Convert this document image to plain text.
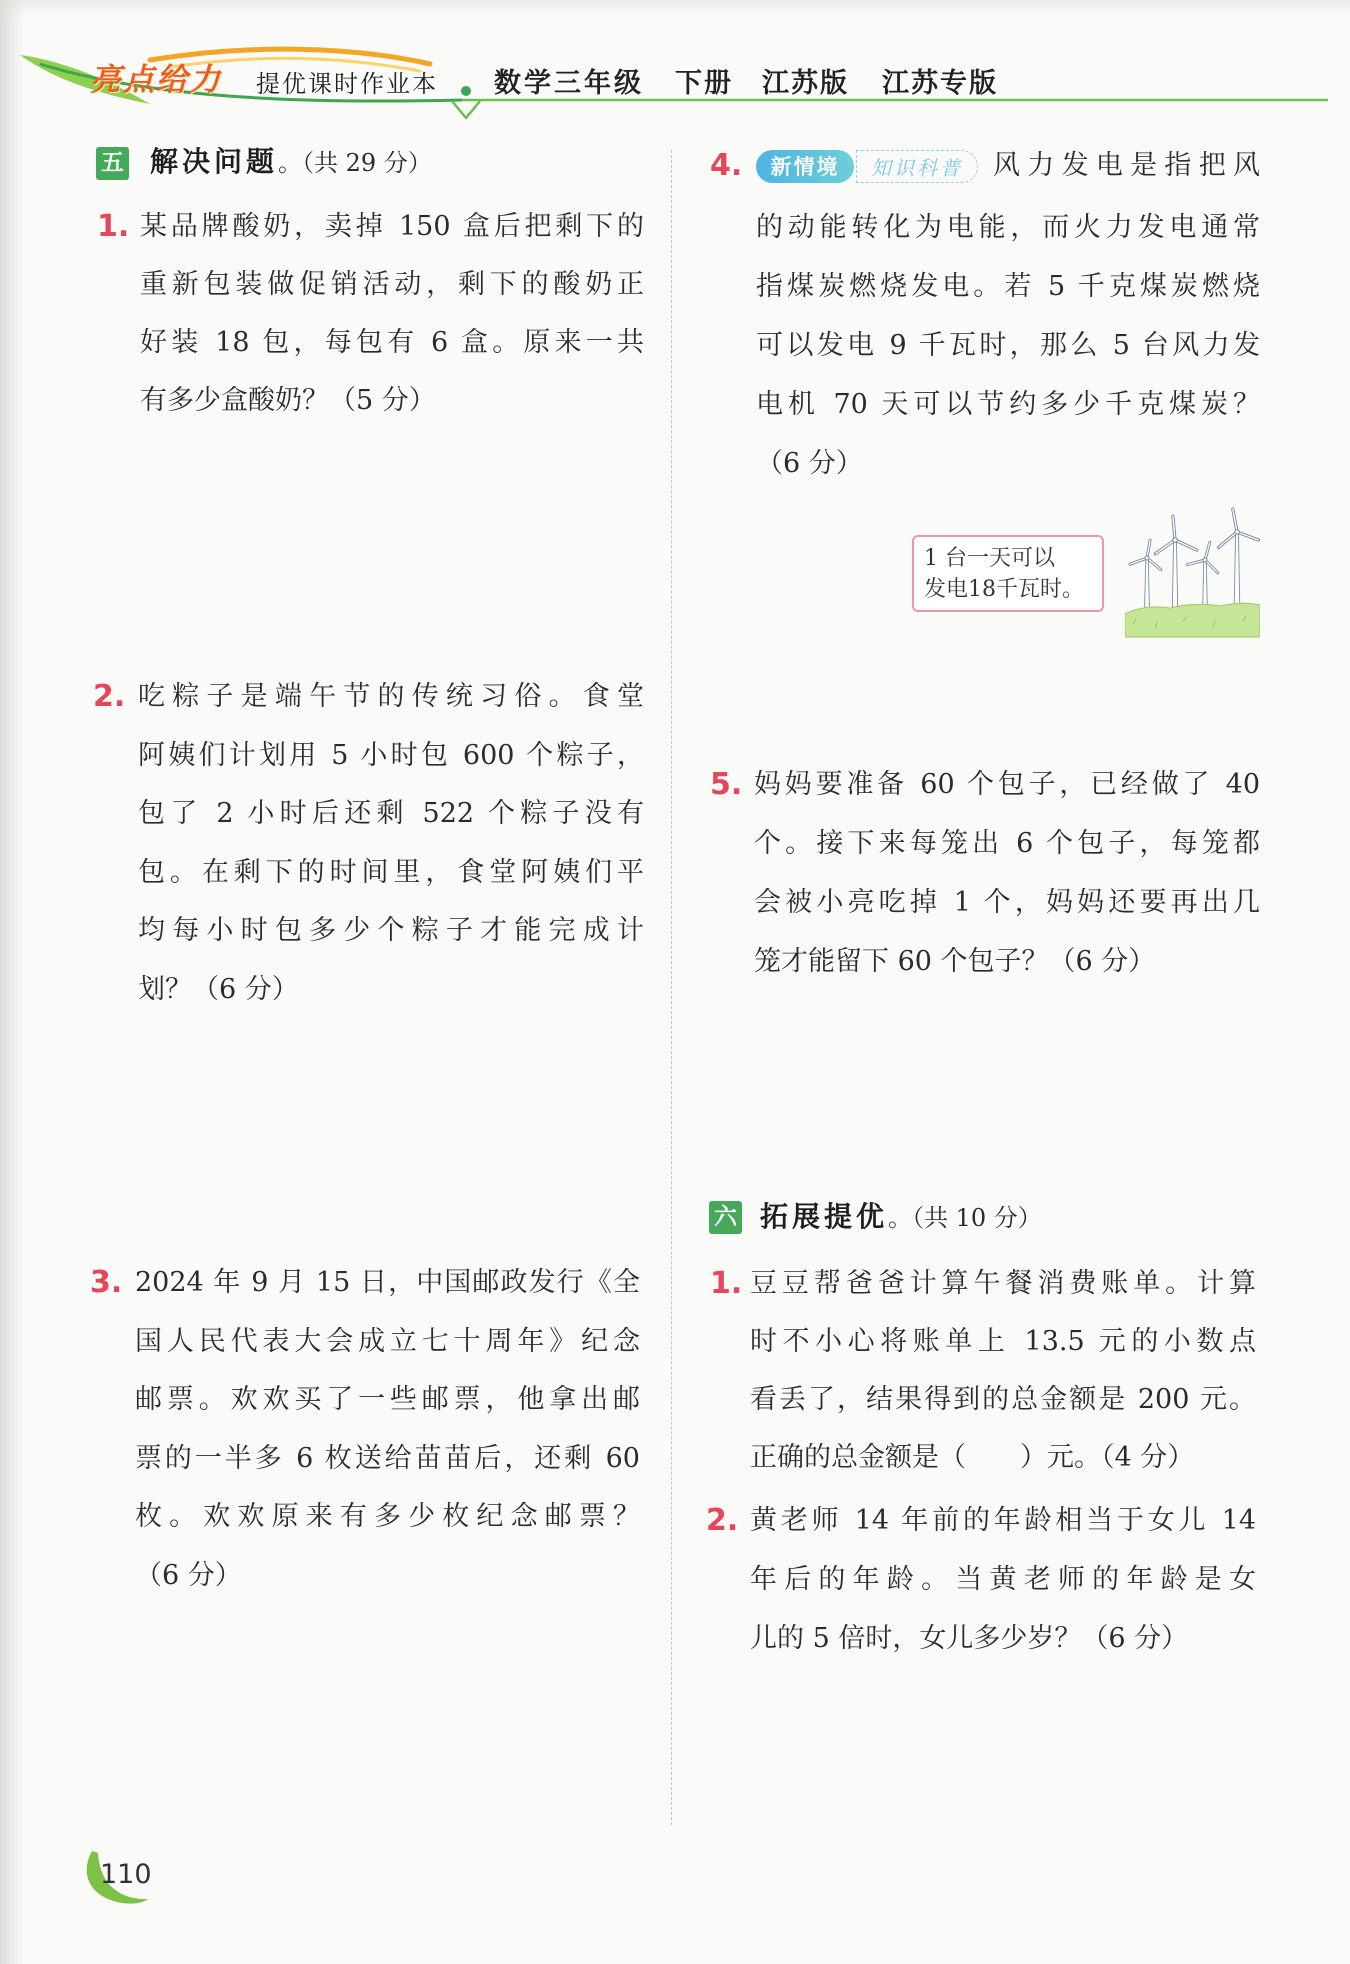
亮点给力 提优课时作业本 数学三年级 下册 江苏版 江苏专版
五 解决问题。（共 29 分）
1. 某品牌酸奶，卖掉 150 盒后把剩下的
重新包装做促销活动，剩下的酸奶正
好装 18 包，每包有 6 盒。原来一共
有多少盒酸奶？（5 分）
2. 吃粽子是端午节的传统习俗。食堂
阿姨们计划用 5 小时包 600 个粽子，
包了 2 小时后还剩 522 个粽子没有
包。在剩下的时间里，食堂阿姨们平
均每小时包多少个粽子才能完成计
划？（6 分）
3. 2024 年 9 月 15 日，中国邮政发行《全
国人民代表大会成立七十周年》纪念
邮票。欢欢买了一些邮票，他拿出邮
票的一半多 6 枚送给苗苗后，还剩 60
枚。欢欢原来有多少枚纪念邮票？
（6 分）
4.	新情境	知识科普	风力发电是指把风
的动能转化为电能，而火力发电通常
指煤炭燃烧发电。若 5 千克煤炭燃烧
可以发电 9 千瓦时，那么 5 台风力发
电机 70 天可以节约多少千克煤炭？
（6 分）
1 台一天可以
发电18千瓦时。
5. 妈妈要准备 60 个包子，已经做了 40
个。接下来每笼出 6 个包子，每笼都
会被小亮吃掉 1 个，妈妈还要再出几
笼才能留下 60 个包子？（6 分）
六 拓展提优。（共 10 分）
1. 豆豆帮爸爸计算午餐消费账单。计算
时不小心将账单上 13.5 元的小数点
看丢了，结果得到的总金额是 200 元。
正确的总金额是（　　）元。（4 分）
2. 黄老师 14 年前的年龄相当于女儿 14
年后的年龄。当黄老师的年龄是女
儿的 5 倍时，女儿多少岁？（6 分）
110
